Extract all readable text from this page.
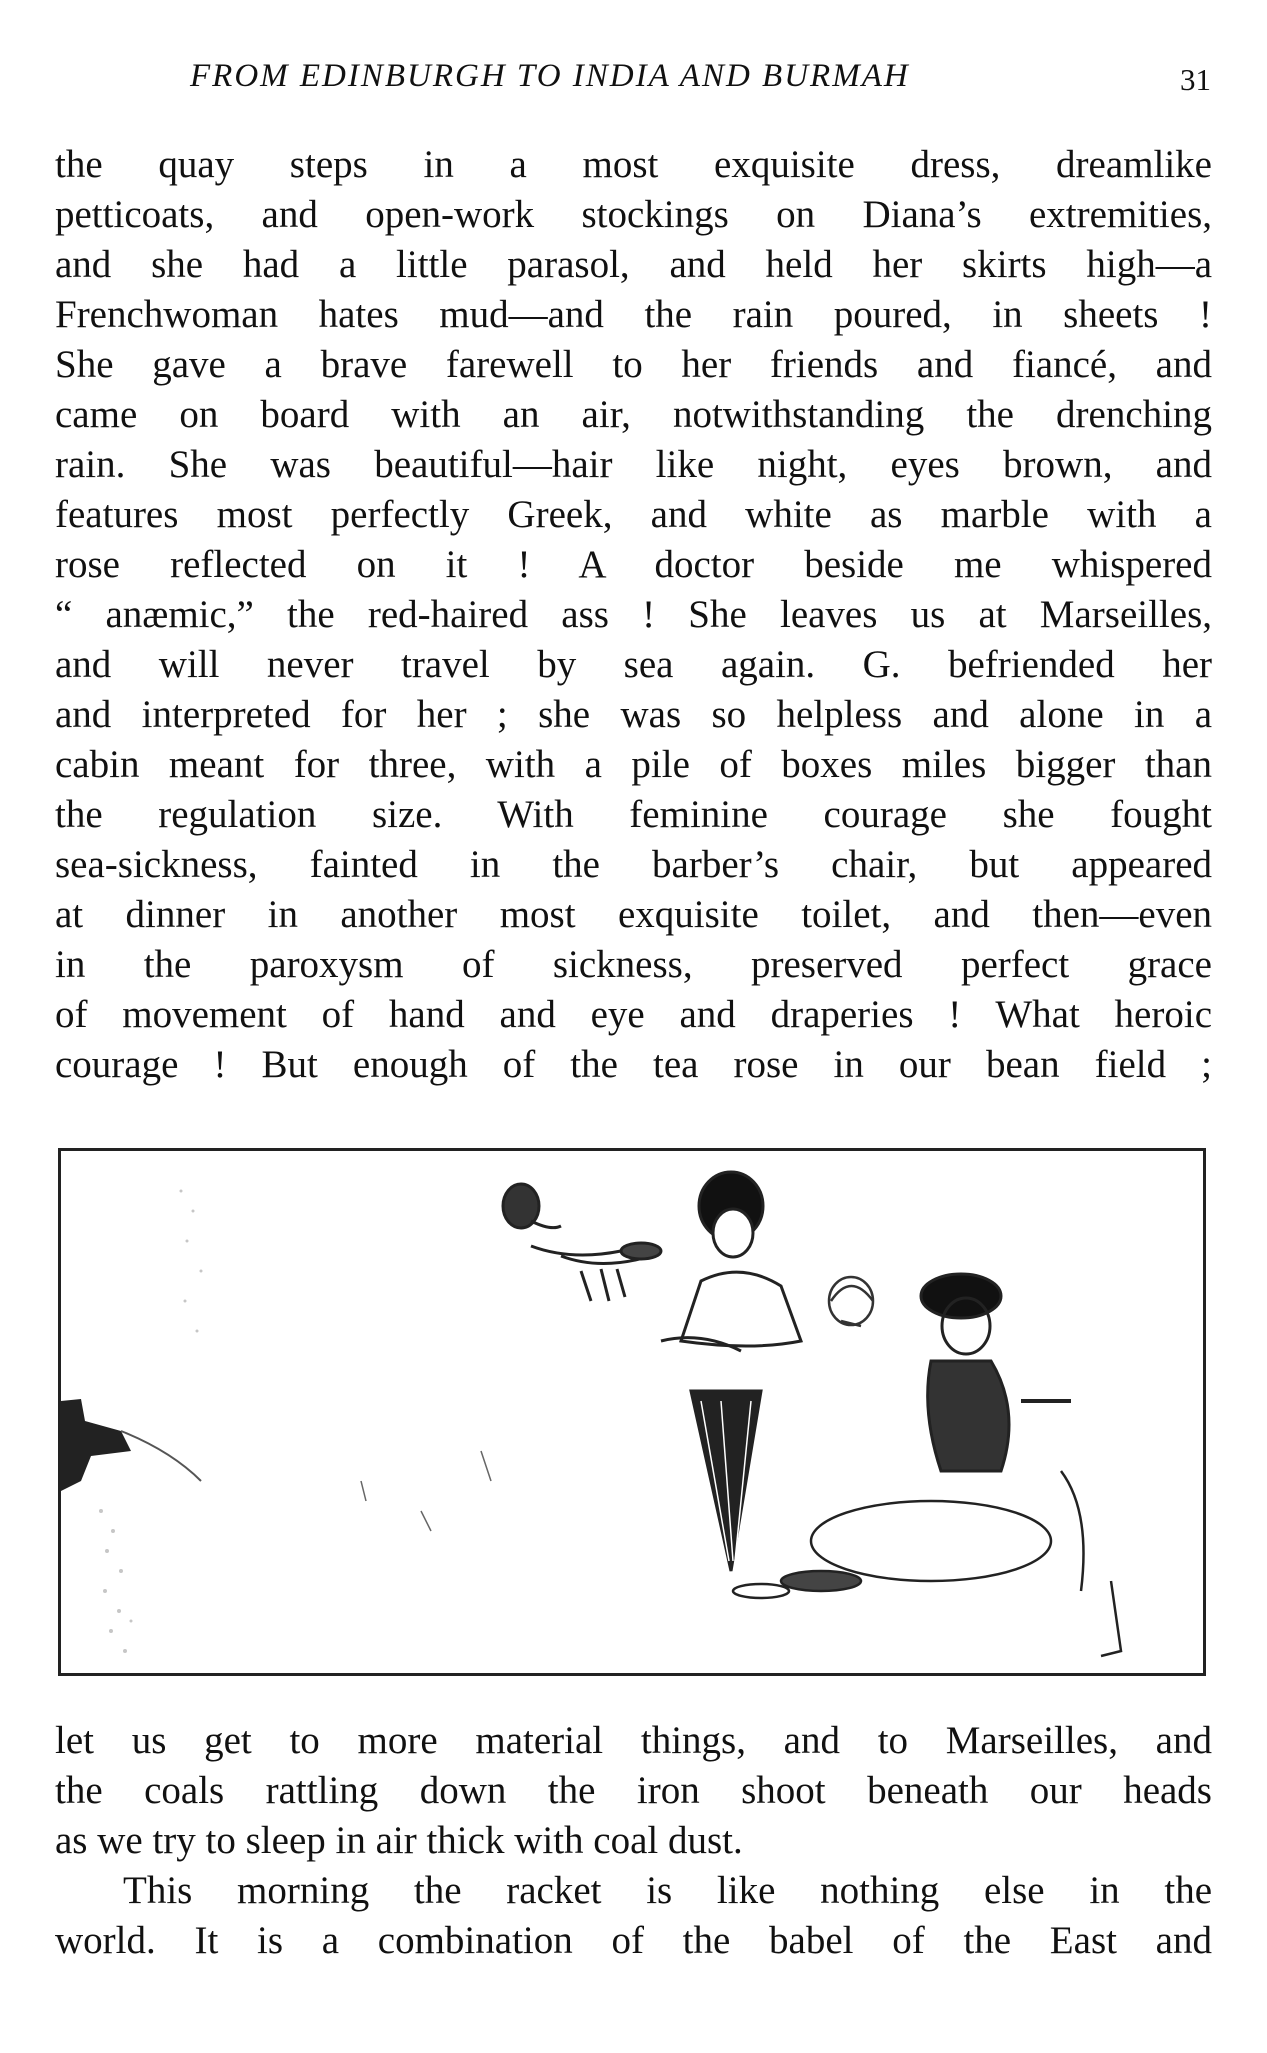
FROM EDINBURGH TO INDIA AND BURMAH	31
the quay steps in a most exquisite dress, dreamlike
petticoats, and open-work stockings on Diana’s extremities,
and she had a little parasol, and held her skirts high—a
Frenchwoman hates mud—and the rain poured, in sheets !
She gave a brave farewell to her friends and fiancé, and
came on board with an air, notwithstanding the drenching
rain. She was beautiful—hair like night, eyes brown, and
features most perfectly Greek, and white as marble with a
rose reflected on it ! A doctor beside me whispered
“ anæmic,” the red-haired ass ! She leaves us at Marseilles,
and will never travel by sea again. G. befriended her
and interpreted for her ; she was so helpless and alone in a
cabin meant for three, with a pile of boxes miles bigger than
the regulation size. With feminine courage she fought
sea-sickness, fainted in the barber’s chair, but appeared
at dinner in another most exquisite toilet, and then—even
in the paroxysm of sickness, preserved perfect grace
of movement of hand and eye and draperies ! What heroic
courage ! But enough of the tea rose in our bean field ;
let us get to more material things, and to Marseilles, and
the coals rattling down the iron shoot beneath our heads
as we try to sleep in air thick with coal dust.
This morning the racket is like nothing else in the
world. It is a combination of the babel of the East and
